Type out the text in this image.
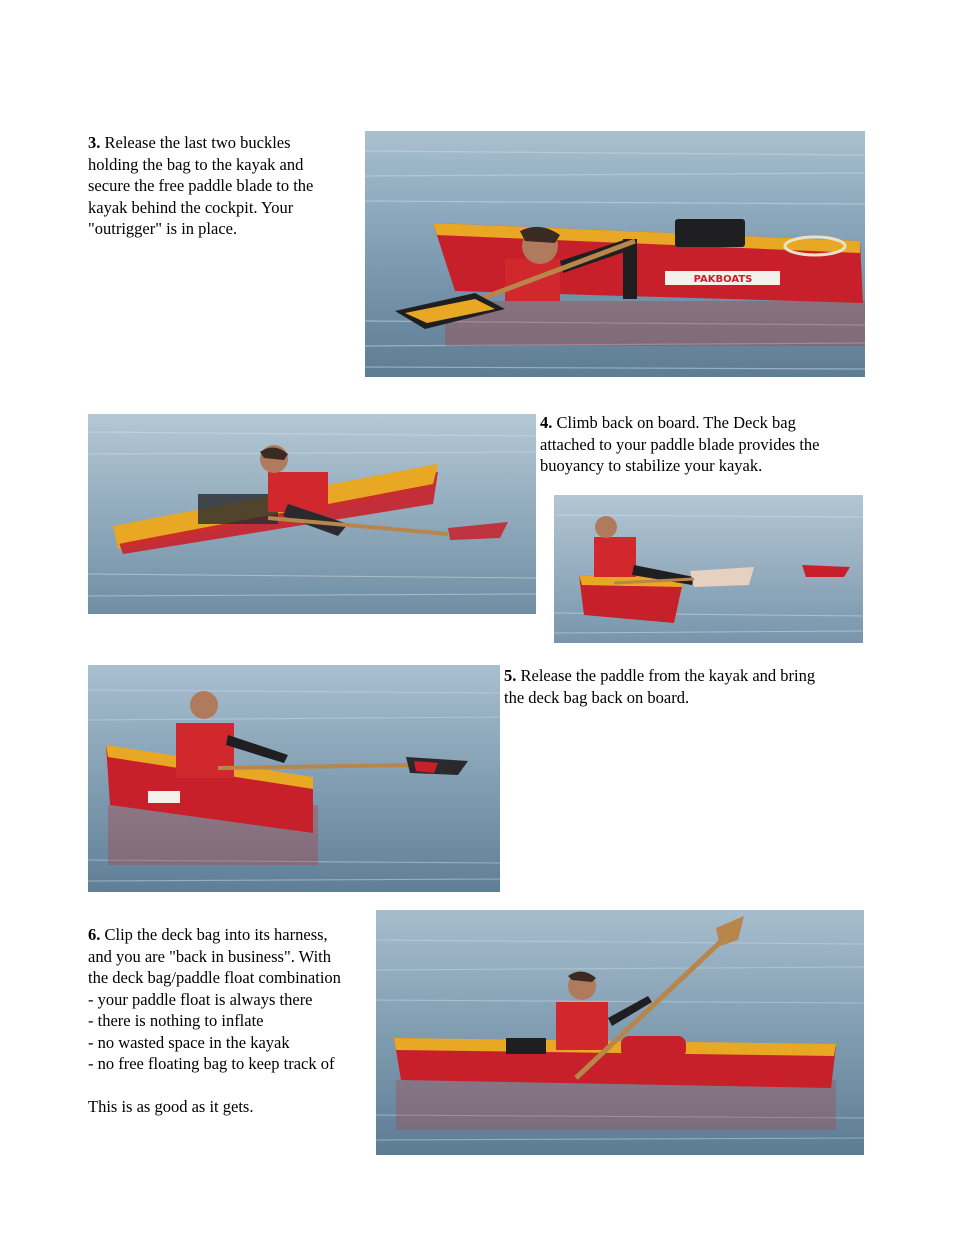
3. Release the last two buckles
holding the bag to the kayak and
secure the free paddle blade to the
kayak behind the cockpit. Your
"outrigger" is in place.
PAKBOATS
4. Climb back on board. The Deck bag
attached to your paddle blade provides the
buoyancy to stabilize your kayak.
5. Release the paddle from the kayak and bring
the deck bag back on board.
6. Clip the deck bag into its harness,
and you are "back in business". With
the deck bag/paddle float combination
- your paddle float is always there
- there is nothing to inflate
- no wasted space in the kayak
- no free floating bag to keep track of
This is as good as it gets.
